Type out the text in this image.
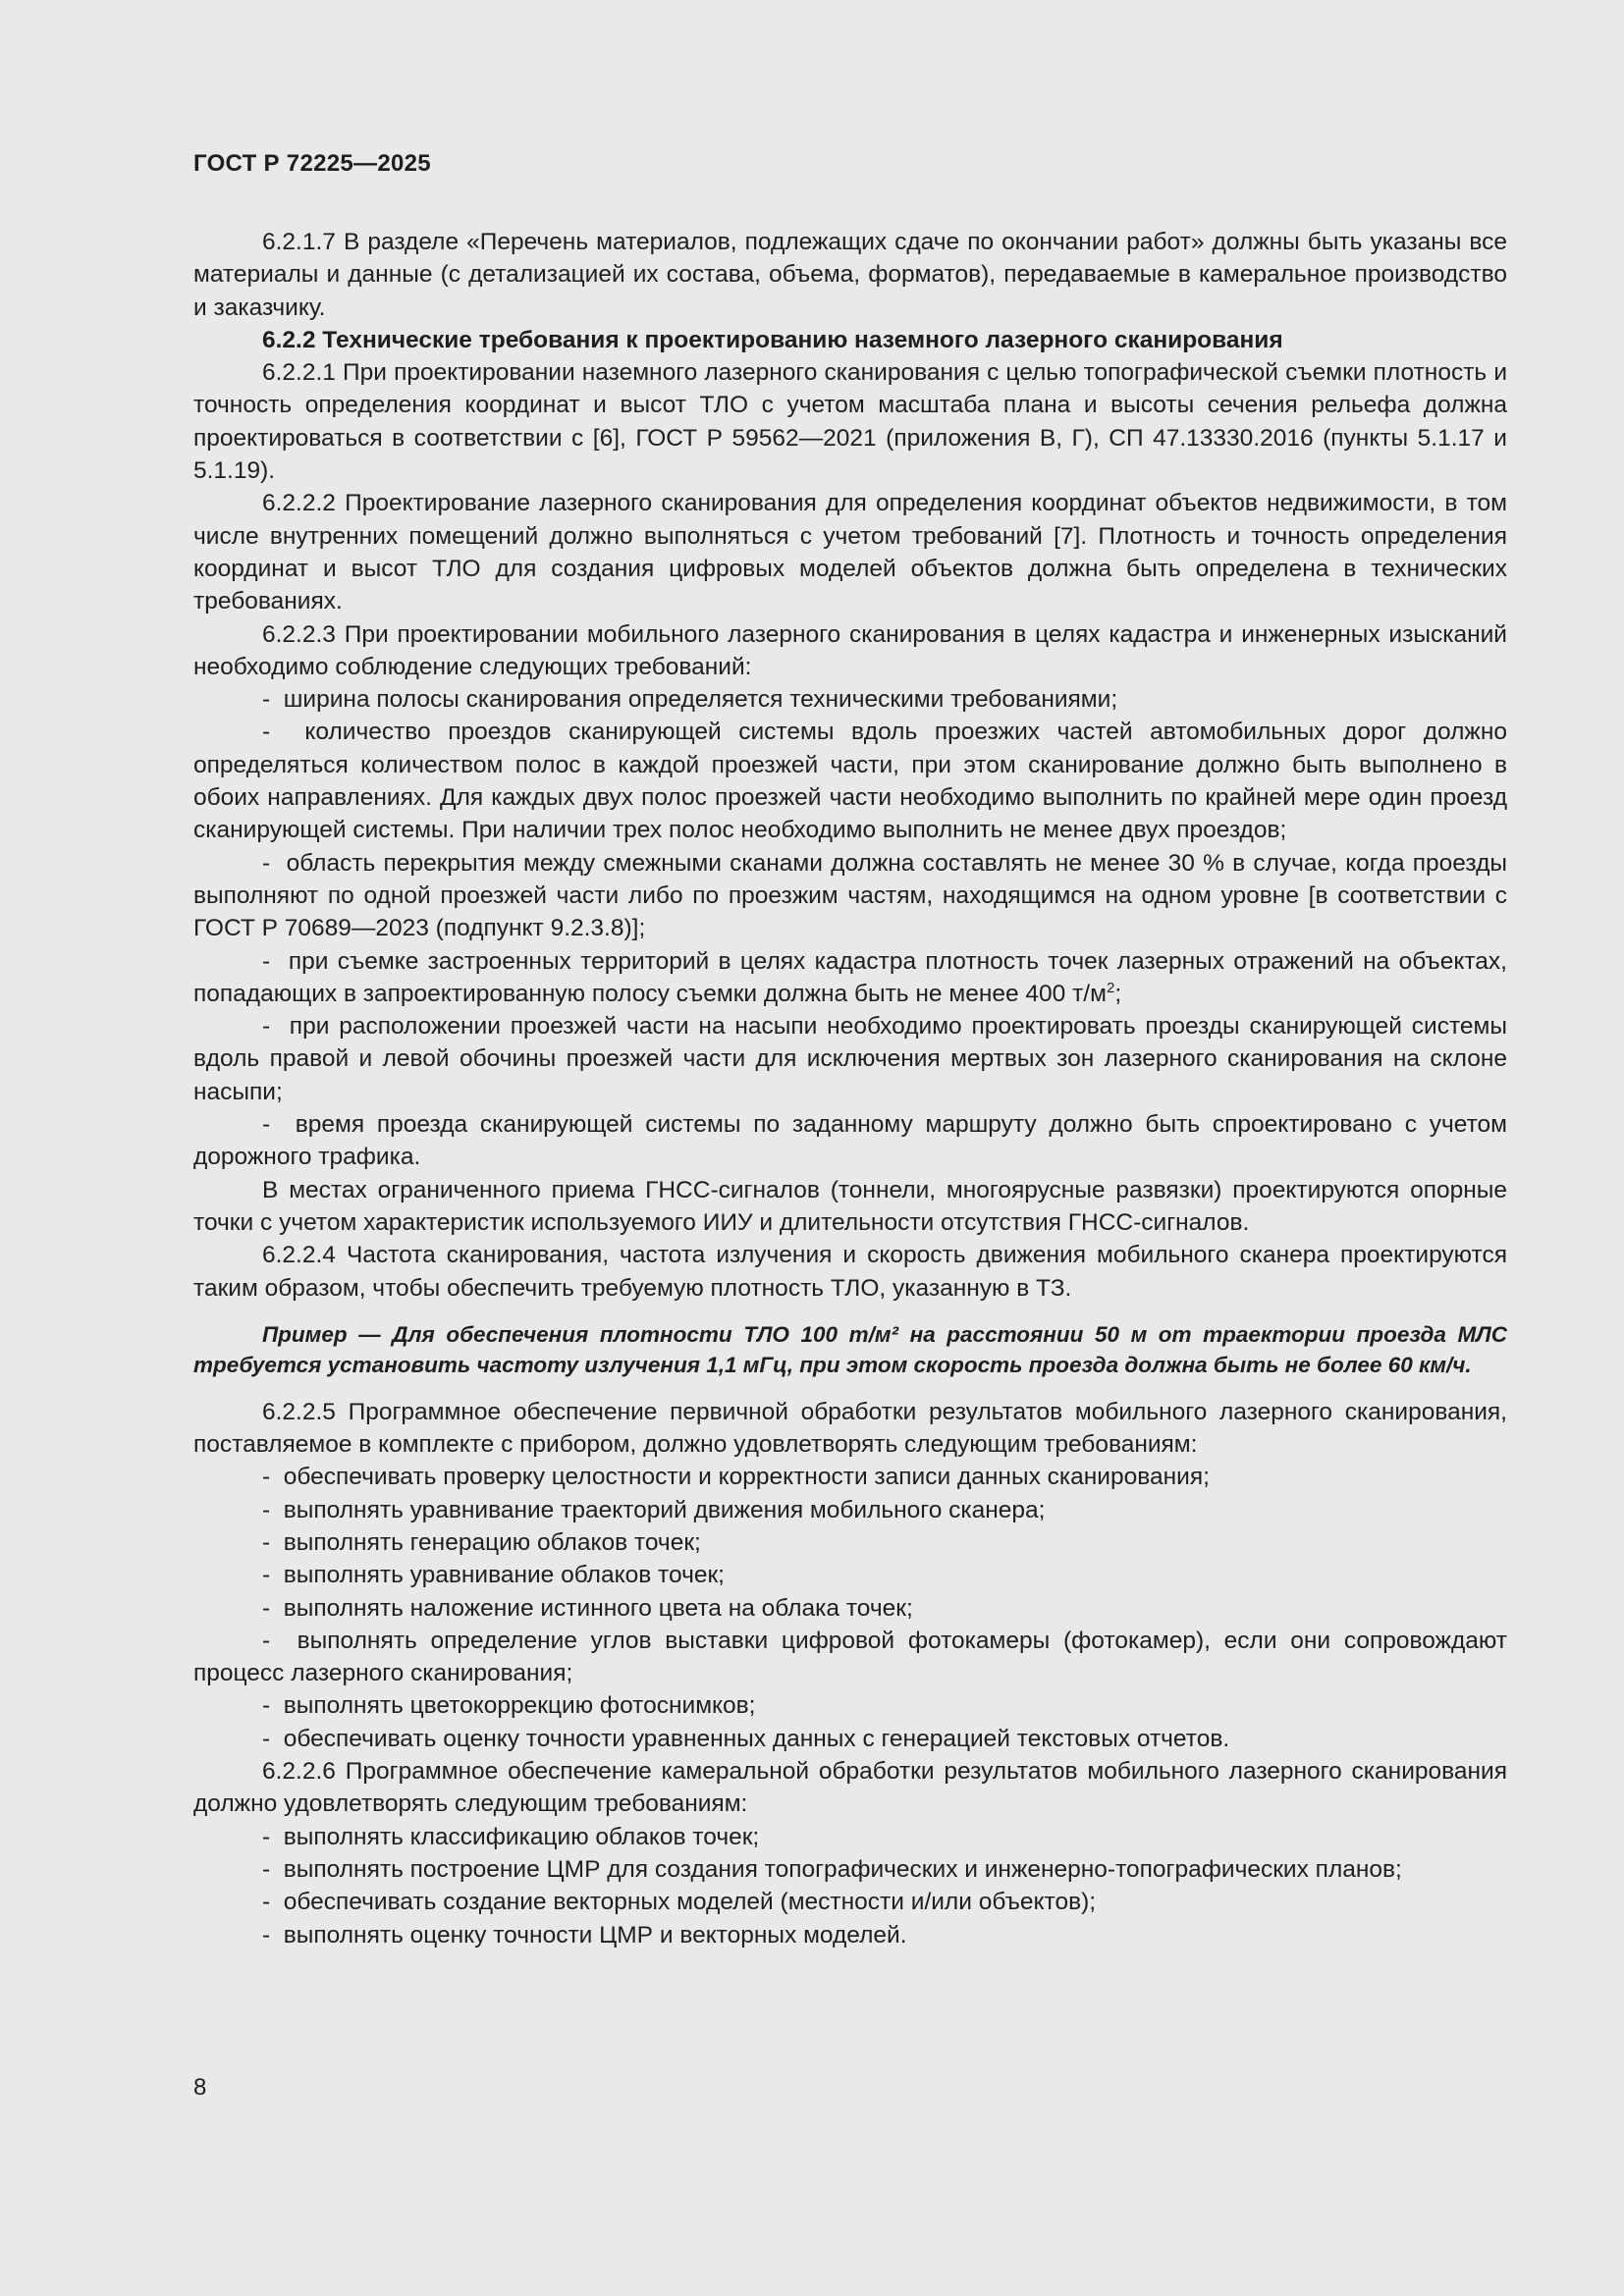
ГОСТ Р 72225—2025

6.2.1.7 В разделе «Перечень материалов, подлежащих сдаче по окончании работ» должны быть указаны все материалы и данные (с детализацией их состава, объема, форматов), передаваемые в камеральное производство и заказчику.

6.2.2 Технические требования к проектированию наземного лазерного сканирования

6.2.2.1 При проектировании наземного лазерного сканирования с целью топографической съемки плотность и точность определения координат и высот ТЛО с учетом масштаба плана и высоты сечения рельефа должна проектироваться в соответствии с [6], ГОСТ Р 59562—2021 (приложения В, Г), СП 47.13330.2016 (пункты 5.1.17 и 5.1.19).

6.2.2.2 Проектирование лазерного сканирования для определения координат объектов недвижимости, в том числе внутренних помещений должно выполняться с учетом требований [7]. Плотность и точность определения координат и высот ТЛО для создания цифровых моделей объектов должна быть определена в технических требованиях.

6.2.2.3 При проектировании мобильного лазерного сканирования в целях кадастра и инженерных изысканий необходимо соблюдение следующих требований:

-  ширина полосы сканирования определяется техническими требованиями;

-  количество проездов сканирующей системы вдоль проезжих частей автомобильных дорог должно определяться количеством полос в каждой проезжей части, при этом сканирование должно быть выполнено в обоих направлениях. Для каждых двух полос проезжей части необходимо выполнить по крайней мере один проезд сканирующей системы. При наличии трех полос необходимо выполнить не менее двух проездов;

-  область перекрытия между смежными сканами должна составлять не менее 30 % в случае, когда проезды выполняют по одной проезжей части либо по проезжим частям, находящимся на одном уровне [в соответствии с ГОСТ Р 70689—2023 (подпункт 9.2.3.8)];

-  при съемке застроенных территорий в целях кадастра плотность точек лазерных отражений на объектах, попадающих в запроектированную полосу съемки должна быть не менее 400 $т/м^2$;

-  при расположении проезжей части на насыпи необходимо проектировать проезды сканирующей системы вдоль правой и левой обочины проезжей части для исключения мертвых зон лазерного сканирования на склоне насыпи;

-  время проезда сканирующей системы по заданному маршруту должно быть спроектировано с учетом дорожного трафика.

В местах ограниченного приема ГНСС-сигналов (тоннели, многоярусные развязки) проектируются опорные точки с учетом характеристик используемого ИИУ и длительности отсутствия ГНСС-сигналов.

6.2.2.4 Частота сканирования, частота излучения и скорость движения мобильного сканера проектируются таким образом, чтобы обеспечить требуемую плотность ТЛО, указанную в ТЗ.

Пример — Для обеспечения плотности ТЛО 100 т/м² на расстоянии 50 м от траектории проезда МЛС требуется установить частоту излучения 1,1 мГц, при этом скорость проезда должна быть не более 60 км/ч.

6.2.2.5 Программное обеспечение первичной обработки результатов мобильного лазерного сканирования, поставляемое в комплекте с прибором, должно удовлетворять следующим требованиям:

-  обеспечивать проверку целостности и корректности записи данных сканирования;

-  выполнять уравнивание траекторий движения мобильного сканера;

-  выполнять генерацию облаков точек;

-  выполнять уравнивание облаков точек;

-  выполнять наложение истинного цвета на облака точек;

-  выполнять определение углов выставки цифровой фотокамеры (фотокамер), если они сопровождают процесс лазерного сканирования;

-  выполнять цветокоррекцию фотоснимков;

-  обеспечивать оценку точности уравненных данных с генерацией текстовых отчетов.

6.2.2.6 Программное обеспечение камеральной обработки результатов мобильного лазерного сканирования должно удовлетворять следующим требованиям:

-  выполнять классификацию облаков точек;

-  выполнять построение ЦМР для создания топографических и инженерно-топографических планов;

-  обеспечивать создание векторных моделей (местности и/или объектов);

-  выполнять оценку точности ЦМР и векторных моделей.

8
